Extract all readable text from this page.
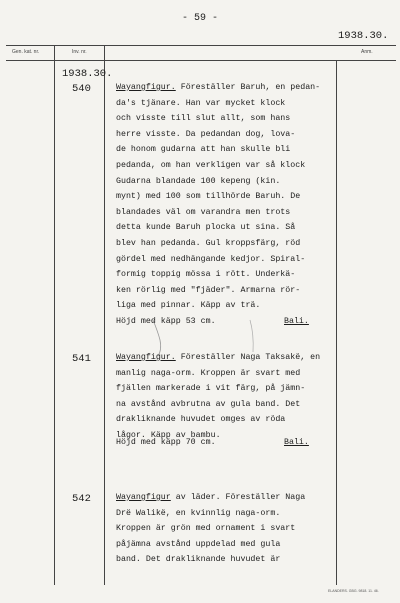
- 59 -
1938.30.
Gen. kat. nr.	Inv. nr.	Anm.
1938.30.
540	Wayangfigur. Föreställer Baruh, en pedan-
da's tjänare. Han var mycket klock
och visste till slut allt, som hans
herre visste. Da pedandan dog, lova-
de honom gudarna att han skulle bli
pedanda, om han verkligen var så klock
Gudarna blandade 100 kepeng (kin.
mynt) med 100 som tillhörde Baruh. De
blandades väl om varandra men trots
detta kunde Baruh plocka ut sina. Så
blev han pedanda. Gul kroppsfärg, röd
gördel med nedhängande kedjor. Spiral-
formig toppig mössa i rött. Underkä-
ken rörlig med "fjäder". Armarna rör-
liga med pinnar. Käpp av trä.
Höjd med käpp 53 cm.	Bali.
541	Wayangfigur. Föreställer Naga Taksakë, en
manlig naga-orm. Kroppen är svart med
fjällen markerade i vit färg, på jämn-
na avstånd avbrutna av gula band. Det
drakliknande huvudet omges av röda
lågor. Käpp av bambu.
Höjd med käpp 70 cm.	Bali.
542	Wayangfigur av läder. Föreställer Naga
Drë Walikë, en kvinnlig naga-orm.
Kroppen är grön med ornament i svart
påjämna avstånd uppdelad med gula
band. Det drakliknande huvudet är
ELANDERS. GBG. 9818. 11. 46.
